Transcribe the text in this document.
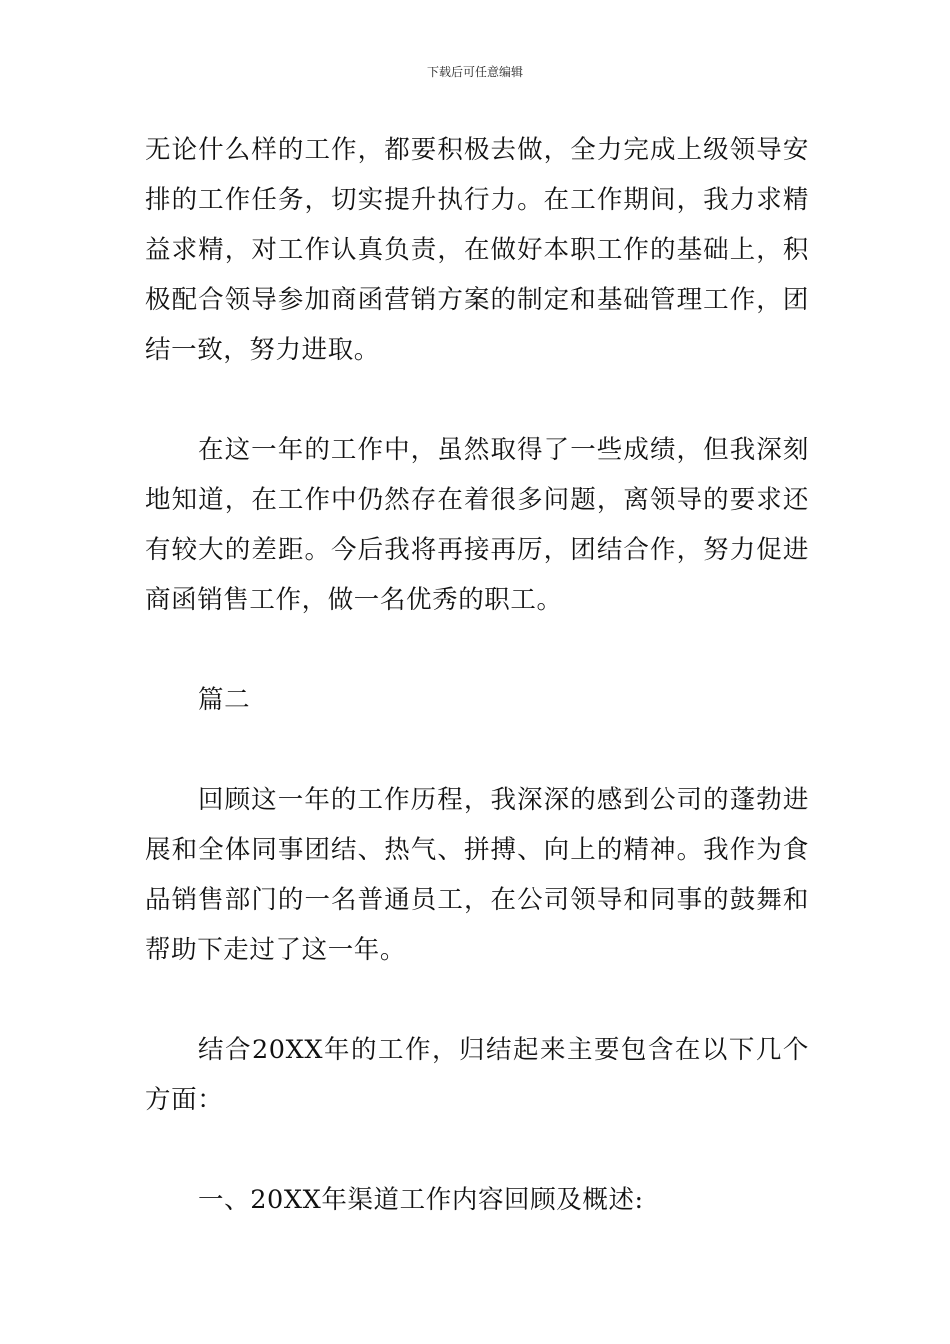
下载后可任意编辑

无论什么样的工作，都要积极去做，全力完成上级领导安排的工作任务，切实提升执行力。在工作期间，我力求精益求精，对工作认真负责，在做好本职工作的基础上，积极配合领导参加商函营销方案的制定和基础管理工作，团结一致，努力进取。

在这一年的工作中，虽然取得了一些成绩，但我深刻地知道，在工作中仍然存在着很多问题，离领导的要求还有较大的差距。今后我将再接再厉，团结合作，努力促进商函销售工作，做一名优秀的职工。

篇二

回顾这一年的工作历程，我深深的感到公司的蓬勃进展和全体同事团结、热气、拼搏、向上的精神。我作为食品销售部门的一名普通员工，在公司领导和同事的鼓舞和帮助下走过了这一年。

结合20XX年的工作，归结起来主要包含在以下几个方面：

一、20XX年渠道工作内容回顾及概述:
